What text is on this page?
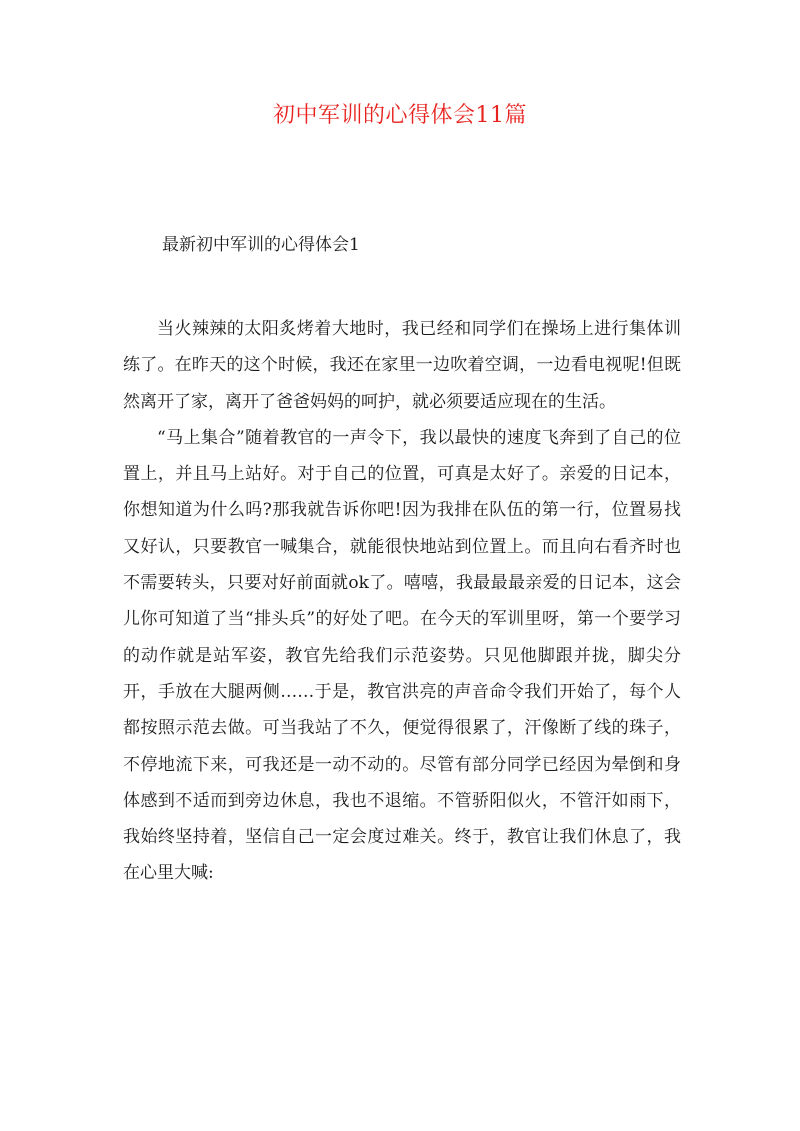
初中军训的心得体会11篇
最新初中军训的心得体会1

当火辣辣的太阳炙烤着大地时，我已经和同学们在操场上进行集体训练了。在昨天的这个时候，我还在家里一边吹着空调，一边看电视呢!但既然离开了家，离开了爸爸妈妈的呵护，就必须要适应现在的生活。

“马上集合”随着教官的一声令下，我以最快的速度飞奔到了自己的位置上，并且马上站好。对于自己的位置，可真是太好了。亲爱的日记本，你想知道为什么吗?那我就告诉你吧!因为我排在队伍的第一行，位置易找又好认，只要教官一喊集合，就能很快地站到位置上。而且向右看齐时也不需要转头，只要对好前面就ok了。嘻嘻，我最最最亲爱的日记本，这会儿你可知道了当“排头兵”的好处了吧。在今天的军训里呀，第一个要学习的动作就是站军姿，教官先给我们示范姿势。只见他脚跟并拢，脚尖分开，手放在大腿两侧……于是，教官洪亮的声音命令我们开始了，每个人都按照示范去做。可当我站了不久，便觉得很累了，汗像断了线的珠子，不停地流下来，可我还是一动不动的。尽管有部分同学已经因为晕倒和身体感到不适而到旁边休息，我也不退缩。不管骄阳似火，不管汗如雨下，我始终坚持着，坚信自己一定会度过难关。终于，教官让我们休息了，我在心里大喊:
